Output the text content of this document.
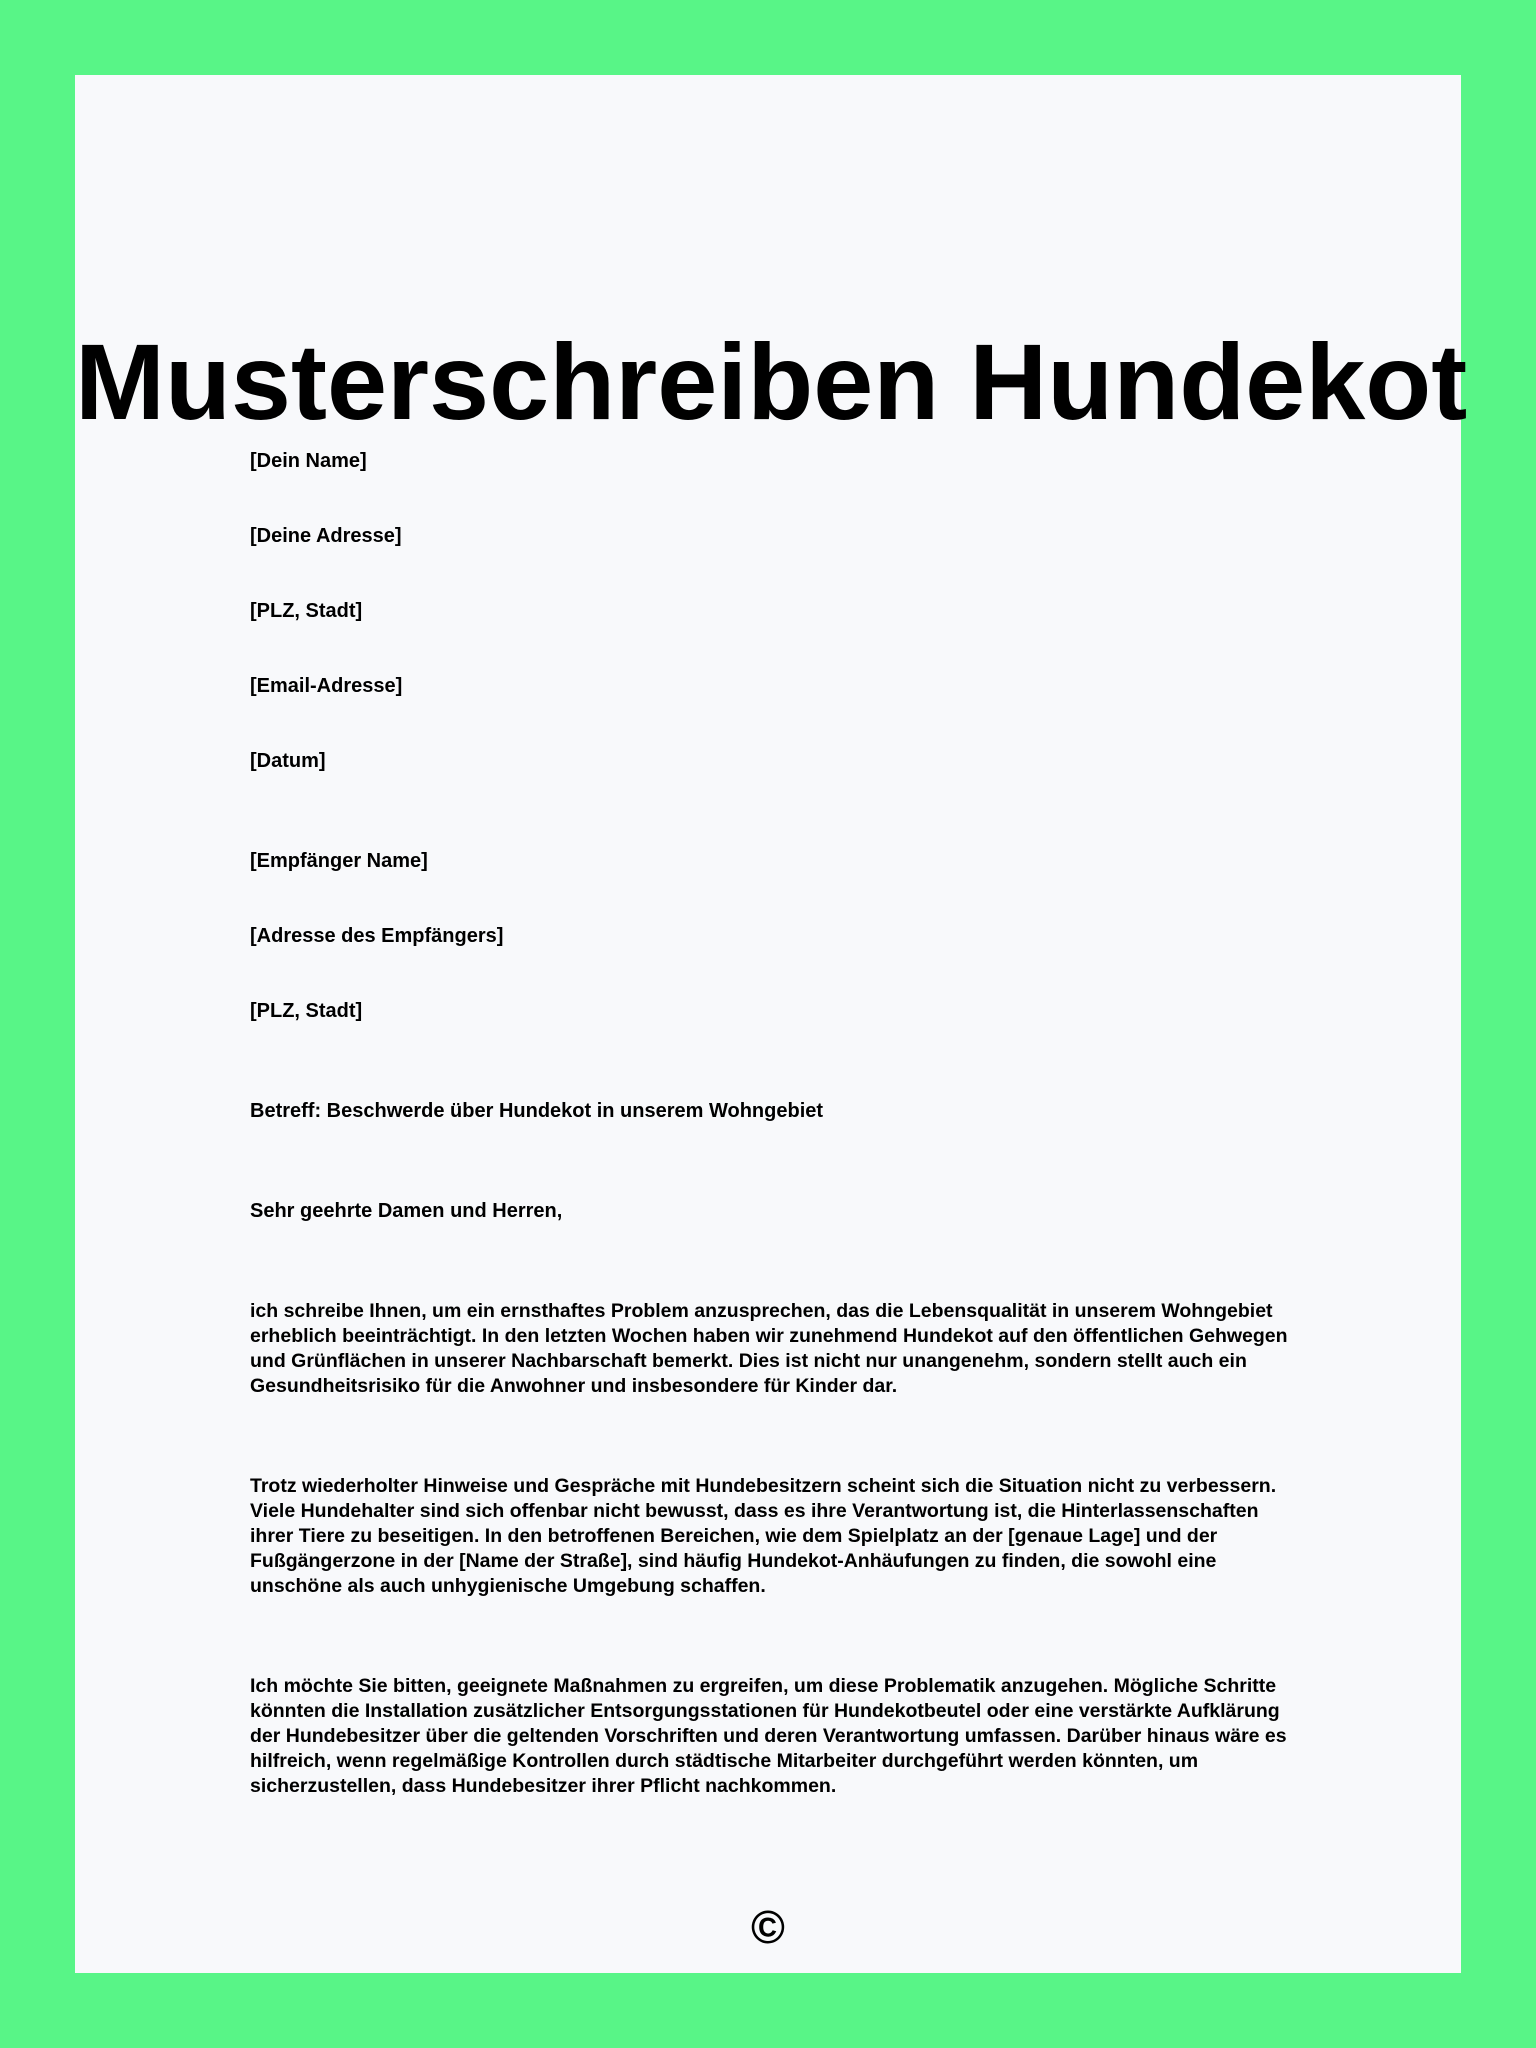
Musterschreiben Hundekot

[Dein Name]

[Deine Adresse]

[PLZ, Stadt]

[Email-Adresse]

[Datum]

[Empfänger Name]

[Adresse des Empfängers]

[PLZ, Stadt]

Betreff: Beschwerde über Hundekot in unserem Wohngebiet

Sehr geehrte Damen und Herren,

ich schreibe Ihnen, um ein ernsthaftes Problem anzusprechen, das die Lebensqualität in unserem Wohngebiet erheblich beeinträchtigt. In den letzten Wochen haben wir zunehmend Hundekot auf den öffentlichen Gehwegen und Grünflächen in unserer Nachbarschaft bemerkt. Dies ist nicht nur unangenehm, sondern stellt auch ein Gesundheitsrisiko für die Anwohner und insbesondere für Kinder dar.

Trotz wiederholter Hinweise und Gespräche mit Hundebesitzern scheint sich die Situation nicht zu verbessern. Viele Hundehalter sind sich offenbar nicht bewusst, dass es ihre Verantwortung ist, die Hinterlassenschaften ihrer Tiere zu beseitigen. In den betroffenen Bereichen, wie dem Spielplatz an der [genaue Lage] und der Fußgängerzone in der [Name der Straße], sind häufig Hundekot-Anhäufungen zu finden, die sowohl eine unschöne als auch unhygienische Umgebung schaffen.

Ich möchte Sie bitten, geeignete Maßnahmen zu ergreifen, um diese Problematik anzugehen. Mögliche Schritte könnten die Installation zusätzlicher Entsorgungsstationen für Hundekotbeutel oder eine verstärkte Aufklärung der Hundebesitzer über die geltenden Vorschriften und deren Verantwortung umfassen. Darüber hinaus wäre es hilfreich, wenn regelmäßige Kontrollen durch städtische Mitarbeiter durchgeführt werden könnten, um sicherzustellen, dass Hundebesitzer ihrer Pflicht nachkommen.

©
